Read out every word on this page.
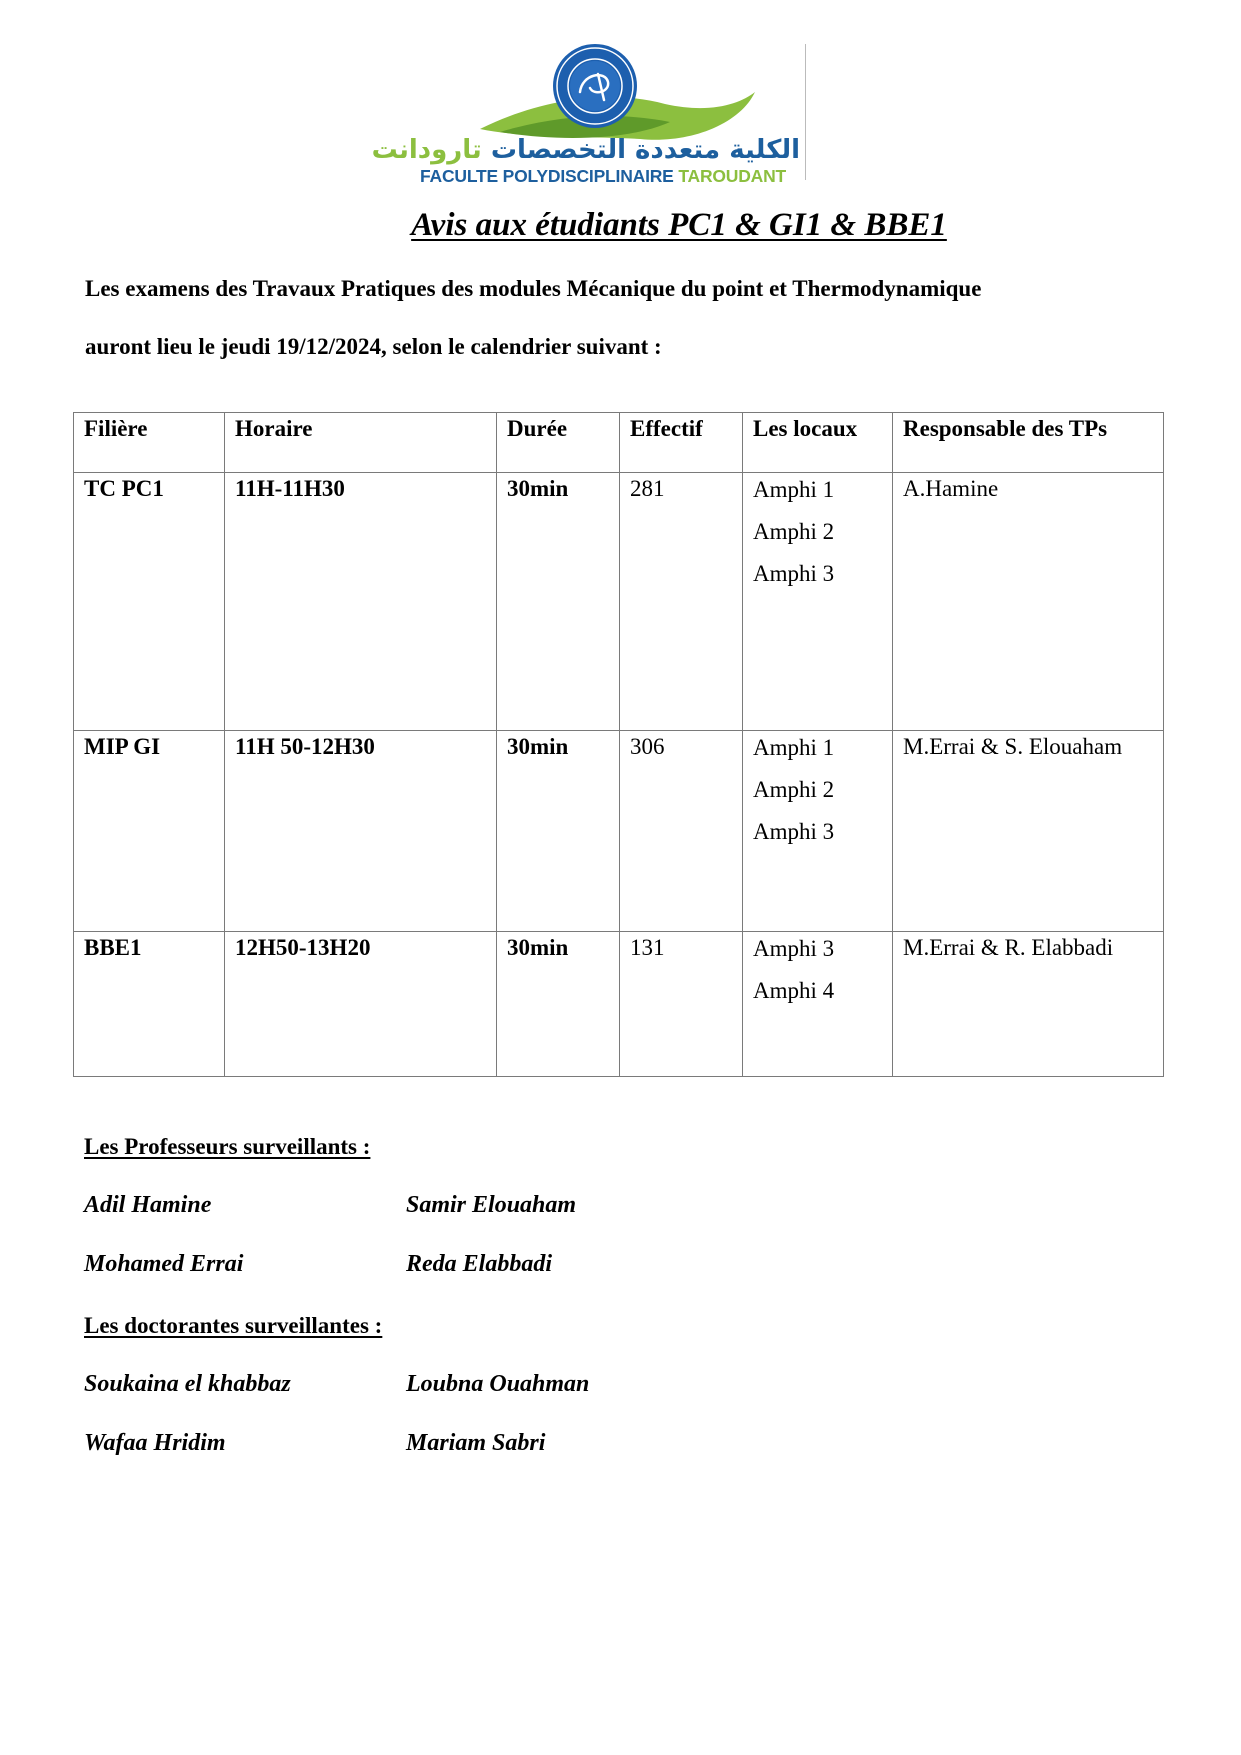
الكلية متعددة التخصصات تارودانت
FACULTE POLYDISCIPLINAIRE TAROUDANT
Avis aux étudiants PC1 & GI1 & BBE1
Les examens des Travaux Pratiques des modules Mécanique du point et Thermodynamique
auront lieu le jeudi 19/12/2024, selon le calendrier suivant :
Filière	Horaire	Durée	Effectif	Les locaux	Responsable des TPs

TC PC1	11H-11H30	30min	281	Amphi 1
Amphi 2
Amphi 3	A.Hamine

MIP GI	11H 50-12H30	30min	306	Amphi 1
Amphi 2
Amphi 3	M.Errai & S. Elouaham

BBE1	12H50-13H20	30min	131	Amphi 3
Amphi 4	M.Errai & R. Elabbadi
Les Professeurs surveillants :
Adil Hamine	Samir Elouaham
Mohamed Errai	Reda Elabbadi
Les doctorantes surveillantes :
Soukaina el khabbaz	Loubna Ouahman
Wafaa Hridim	Mariam Sabri
